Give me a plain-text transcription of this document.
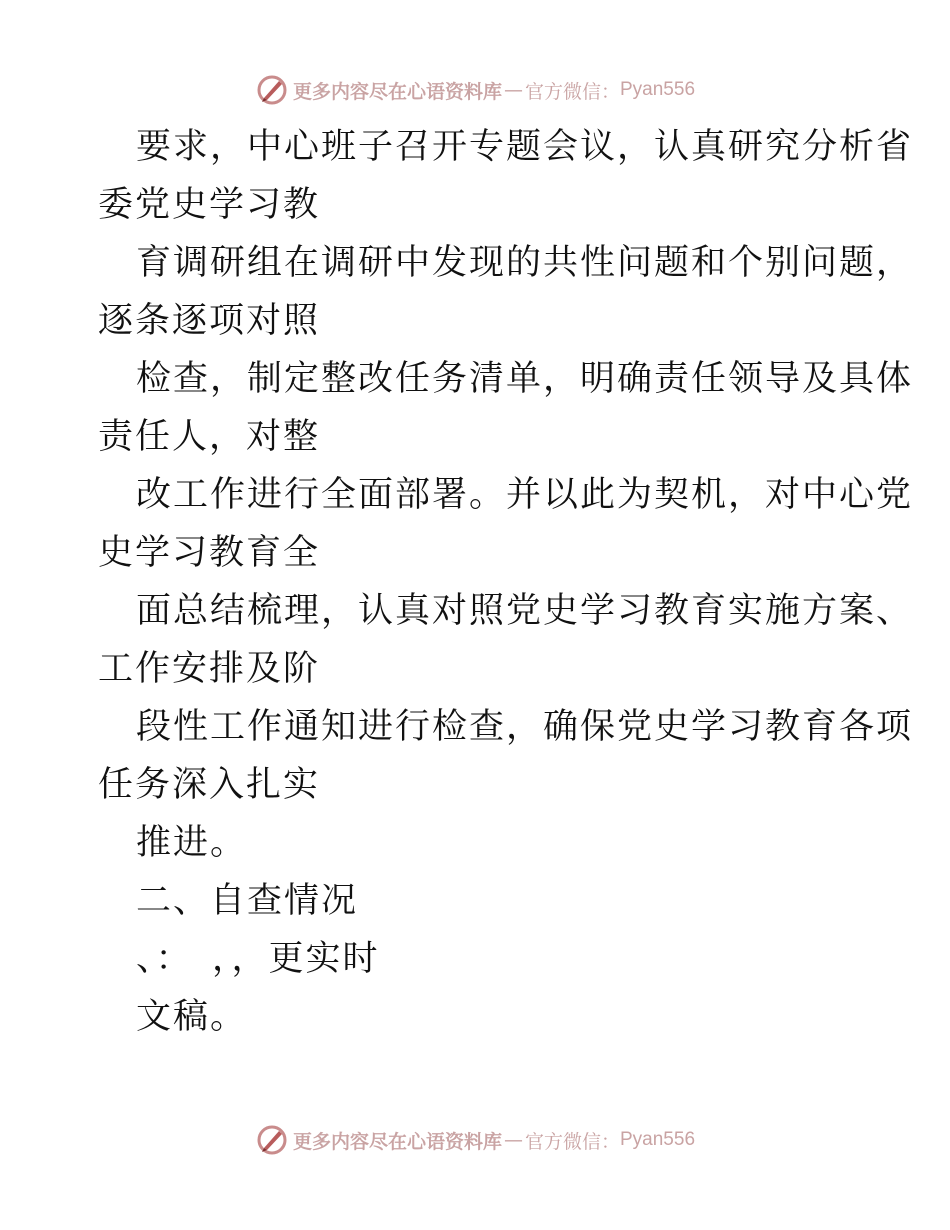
更多内容尽在心语资料库 — 官方微信： Pyan556
要求，中心班子召开专题会议，认真研究分析省
委党史学习教
育调研组在调研中发现的共性问题和个别问题，
逐条逐项对照
检查，制定整改任务清单，明确责任领导及具体
责任人，对整
改工作进行全面部署。并以此为契机，对中心党
史学习教育全
面总结梳理，认真对照党史学习教育实施方案、
工作安排及阶
段性工作通知进行检查，确保党史学习教育各项
任务深入扎实
推进。
二、自查情况
、：　，，更实时
文稿。
更多内容尽在心语资料库 — 官方微信： Pyan556
